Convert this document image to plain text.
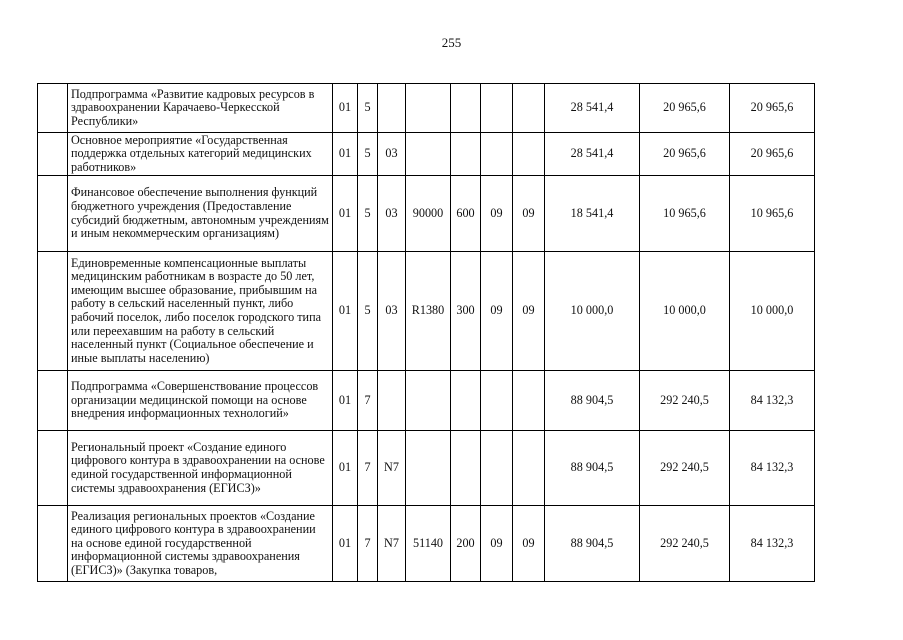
255
	Подпрограмма «Развитие кадровых ресурсов в здравоохранении Карачаево-Черкесской Республики»	01	5						28 541,4	20 965,6	20 965,6
	Основное мероприятие «Государственная поддержка отдельных категорий медицинских работников»	01	5	03					28 541,4	20 965,6	20 965,6
	Финансовое обеспечение выполнения функций бюджетного учреждения (Предоставление субсидий бюджетным, автономным учреждениям и иным некоммерческим организациям)	01	5	03	90000	600	09	09	18 541,4	10 965,6	10 965,6
	Единовременные компенсационные выплаты медицинским работникам в возрасте до 50 лет, имеющим высшее образование, прибывшим на работу в сельский населенный пункт, либо рабочий поселок, либо поселок городского типа или переехавшим на работу в сельский населенный пункт (Социальное обеспечение и иные выплаты населению)	01	5	03	R1380	300	09	09	10 000,0	10 000,0	10 000,0
	Подпрограмма «Совершенствование процессов организации медицинской помощи на основе внедрения информационных технологий»	01	7						88 904,5	292 240,5	84 132,3
	Региональный проект «Создание единого цифрового контура в здравоохранении на основе единой государственной информационной системы здравоохранения (ЕГИСЗ)»	01	7	N7					88 904,5	292 240,5	84 132,3
	Реализация региональных проектов «Создание единого цифрового контура в здравоохранении на основе единой государственной информационной системы здравоохранения (ЕГИСЗ)» (Закупка товаров,	01	7	N7	51140	200	09	09	88 904,5	292 240,5	84 132,3
